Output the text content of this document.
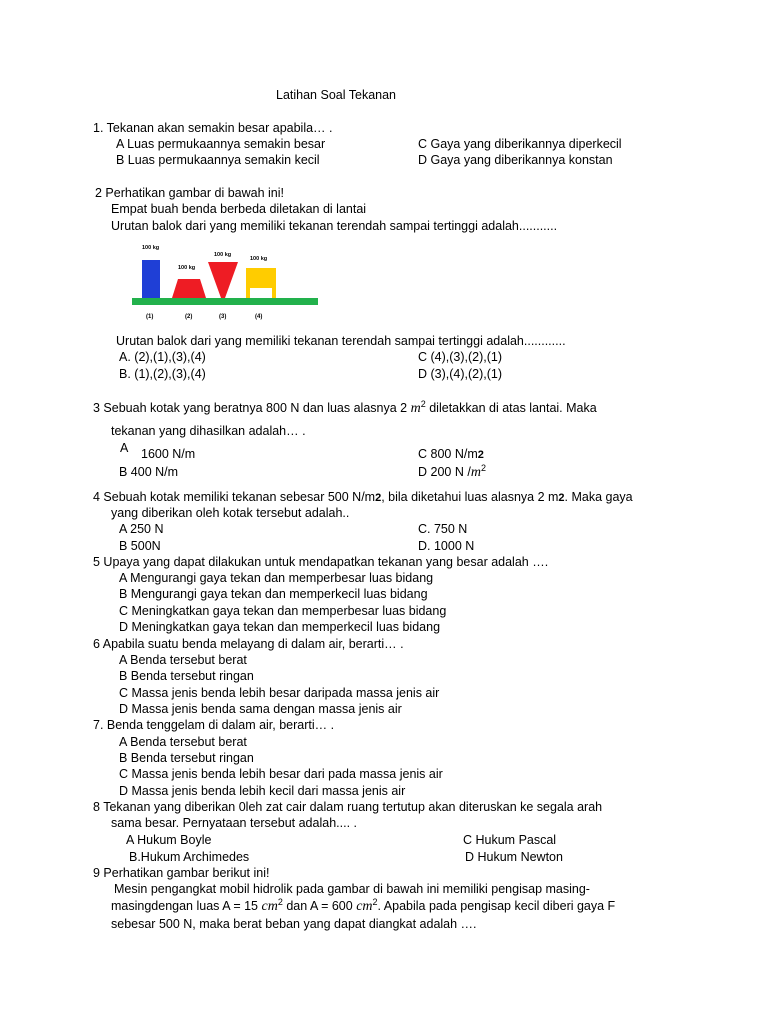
Latihan Soal Tekanan
1. Tekanan akan semakin besar apabila… .
A Luas permukaannya semakin besar
B Luas permukaannya semakin kecil
C Gaya yang diberikannya diperkecil
D Gaya yang diberikannya konstan
2 Perhatikan gambar di bawah ini!
Empat buah benda berbeda diletakan di lantai
Urutan balok dari yang memiliki tekanan terendah sampai tertinggi adalah...........
100 kg
100 kg
100 kg
100 kg
(1)	(2)	(3)	(4)
Urutan balok dari yang memiliki tekanan terendah sampai tertinggi adalah............
A. (2),(1),(3),(4)
B. (1),(2),(3),(4)
C (4),(3),(2),(1)
D (3),(4),(2),(1)
3 Sebuah kotak yang beratnya 800 N dan luas alasnya 2 $m^2$ diletakkan di atas lantai. Maka
tekanan yang dihasilkan adalah… .
A 1600 N/m
B 400 N/m
C 800 N/m2
D 200 N $/m^2$
4 Sebuah kotak memiliki tekanan sebesar 500 N/m2, bila diketahui luas alasnya 2 m2. Maka gaya
yang diberikan oleh kotak tersebut adalah..
A 250 N
B 500N
C. 750 N
D. 1000 N
5 Upaya yang dapat dilakukan untuk mendapatkan tekanan yang besar adalah ….
A Mengurangi gaya tekan dan memperbesar luas bidang
B Mengurangi gaya tekan dan memperkecil luas bidang
C Meningkatkan gaya tekan dan memperbesar luas bidang
D Meningkatkan gaya tekan dan memperkecil luas bidang
6 Apabila suatu benda melayang di dalam air, berarti… .
A Benda tersebut berat
B Benda tersebut ringan
C Massa jenis benda lebih besar daripada massa jenis air
D Massa jenis benda sama dengan massa jenis air
7. Benda tenggelam di dalam air, berarti… .
A Benda tersebut berat
B Benda tersebut ringan
C Massa jenis benda lebih besar dari pada massa jenis air
D Massa jenis benda lebih kecil dari massa jenis air
8 Tekanan yang diberikan 0leh zat cair dalam ruang tertutup akan diteruskan ke segala arah
sama besar. Pernyataan tersebut adalah.... .
A Hukum Boyle
B.Hukum Archimedes
C Hukum Pascal
D Hukum Newton
9 Perhatikan gambar berikut ini!
Mesin pengangkat mobil hidrolik pada gambar di bawah ini memiliki pengisap masing-
masingdengan luas A = 15 $cm^2$ dan A = 600 $cm^2$. Apabila pada pengisap kecil diberi gaya F
sebesar 500 N, maka berat beban yang dapat diangkat adalah ….
